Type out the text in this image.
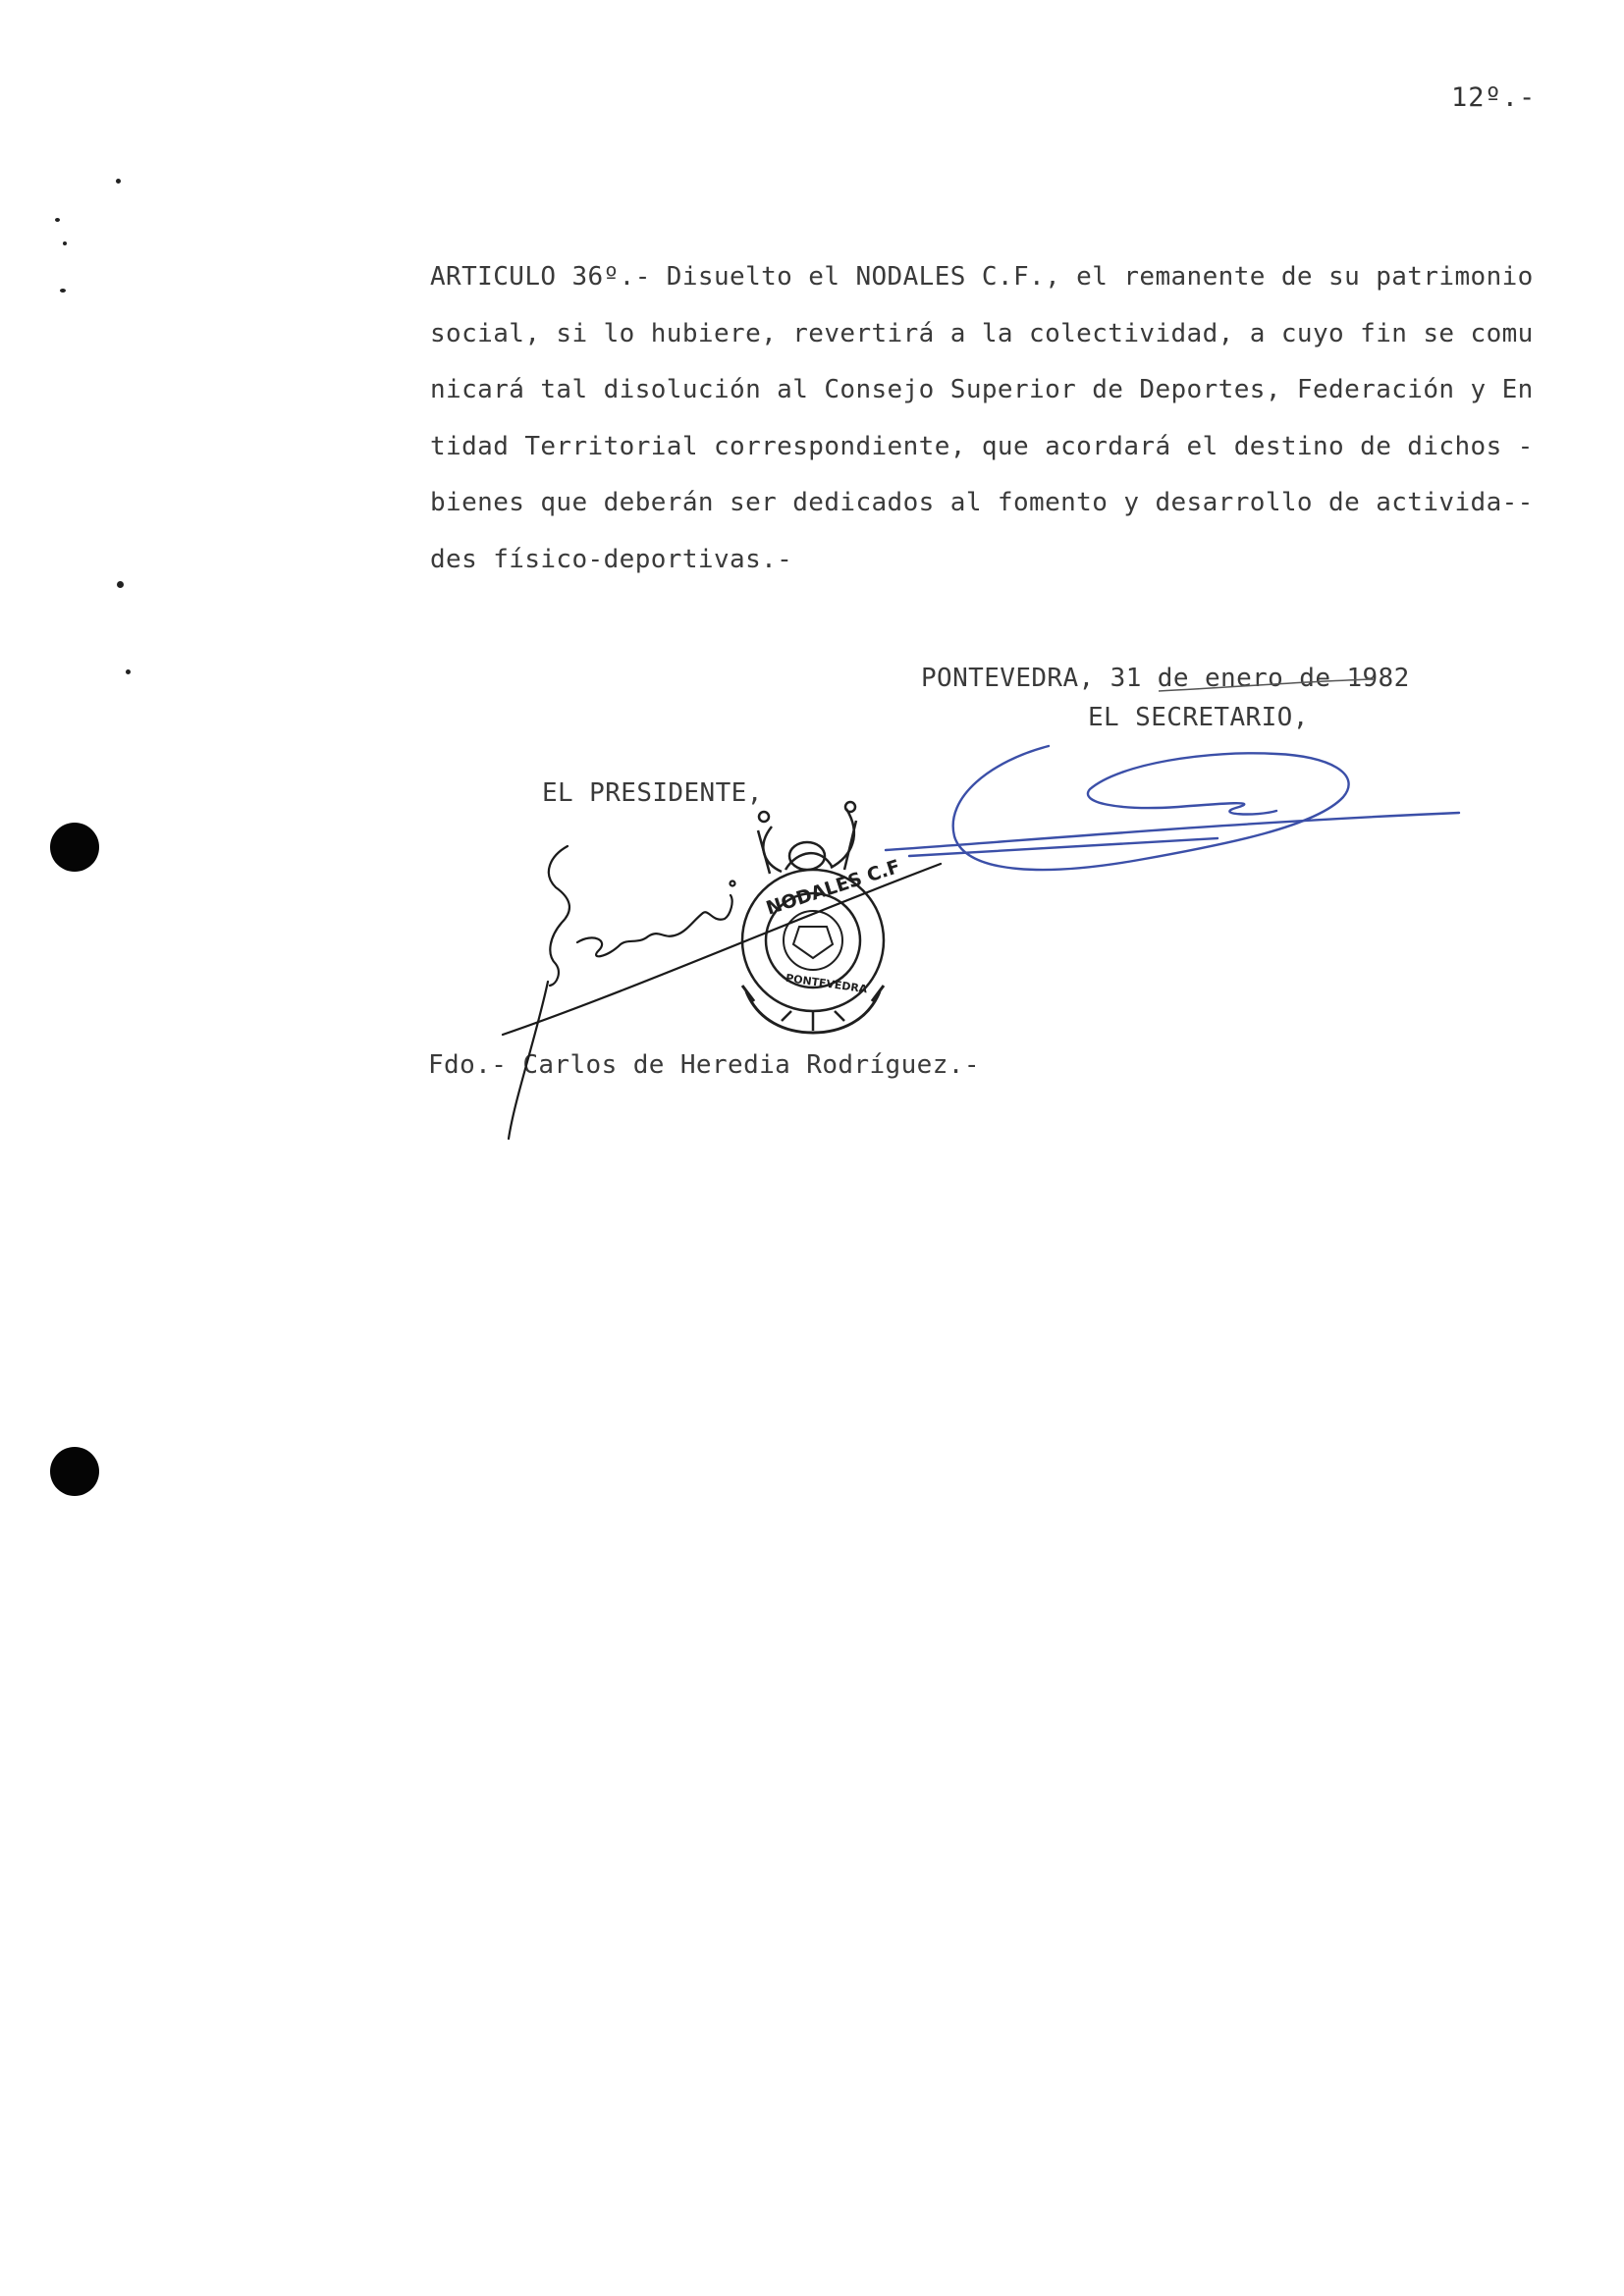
12º.-
ARTICULO 36º.- Disuelto el NODALES C.F., el remanente de su patrimonio
social, si lo hubiere, revertirá a la colectividad, a cuyo fin se comu
nicará tal disolución al Consejo Superior de Deportes, Federación y En
tidad Territorial correspondiente, que acordará el destino de dichos -
bienes que deberán ser dedicados al fomento y desarrollo de activida--
des físico-deportivas.-
PONTEVEDRA, 31 de enero de 1982
EL SECRETARIO,
EL PRESIDENTE,
Fdo.- Carlos de Heredia Rodríguez.-
NODALES C.F
PONTEVEDRA
